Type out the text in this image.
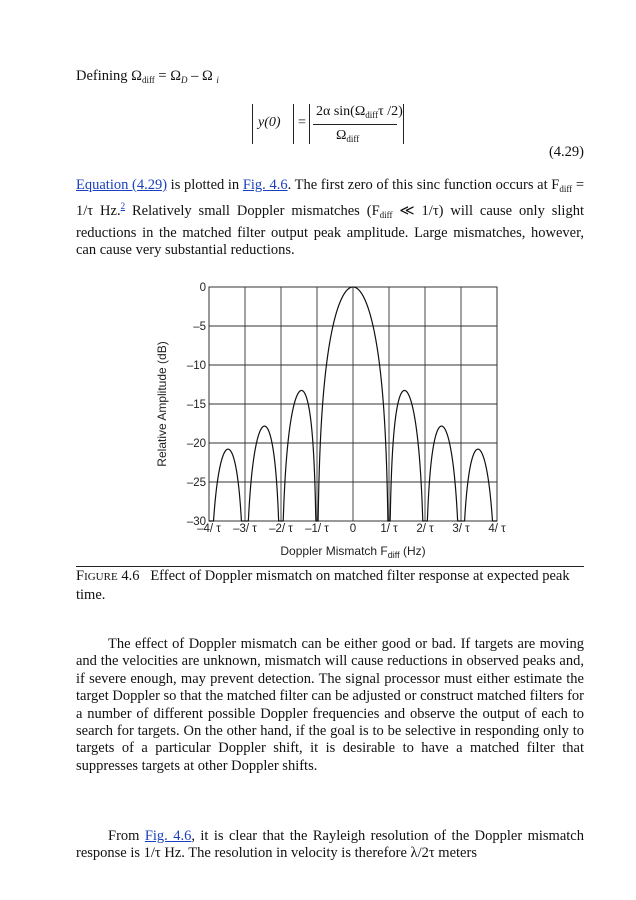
Defining $\Omega_{diff} = \Omega_D - \Omega$ $_i$
y(0) =
2α $\sin(\Omega_{diff}\tau$ /2)
$\Omega_{diff}$
(4.29)
Equation (4.29) is plotted in Fig. 4.6. The first zero of this sinc function occurs at $F_{diff} = 1/\tau$ Hz.$^2$ Relatively small Doppler mismatches ($F_{diff}$ ≪ 1/τ) will cause only slight reductions in the matched filter output peak amplitude. Large mismatches, however, can cause very substantial reductions.
0
–5
–10
–15
–20
–25
–30
–4/ τ –3/ τ –2/ τ –1/ τ 0 1/ τ 2/ τ 3/ τ 4/ τ
Relative Amplitude (dB)
Doppler Mismatch $F_{diff}$ (Hz)
FIGURE 4.6 Effect of Doppler mismatch on matched filter response at expected peak time.
The effect of Doppler mismatch can be either good or bad. If targets are moving and the velocities are unknown, mismatch will cause reductions in observed peaks and, if severe enough, may prevent detection. The signal processor must either estimate the target Doppler so that the matched filter can be adjusted or construct matched filters for a number of different possible Doppler frequencies and observe the output of each to search for targets. On the other hand, if the goal is to be selective in responding only to targets of a particular Doppler shift, it is desirable to have a matched filter that suppresses targets at other Doppler shifts.
From Fig. 4.6, it is clear that the Rayleigh resolution of the Doppler mismatch response is 1/τ Hz. The resolution in velocity is therefore λ/2τ meters
